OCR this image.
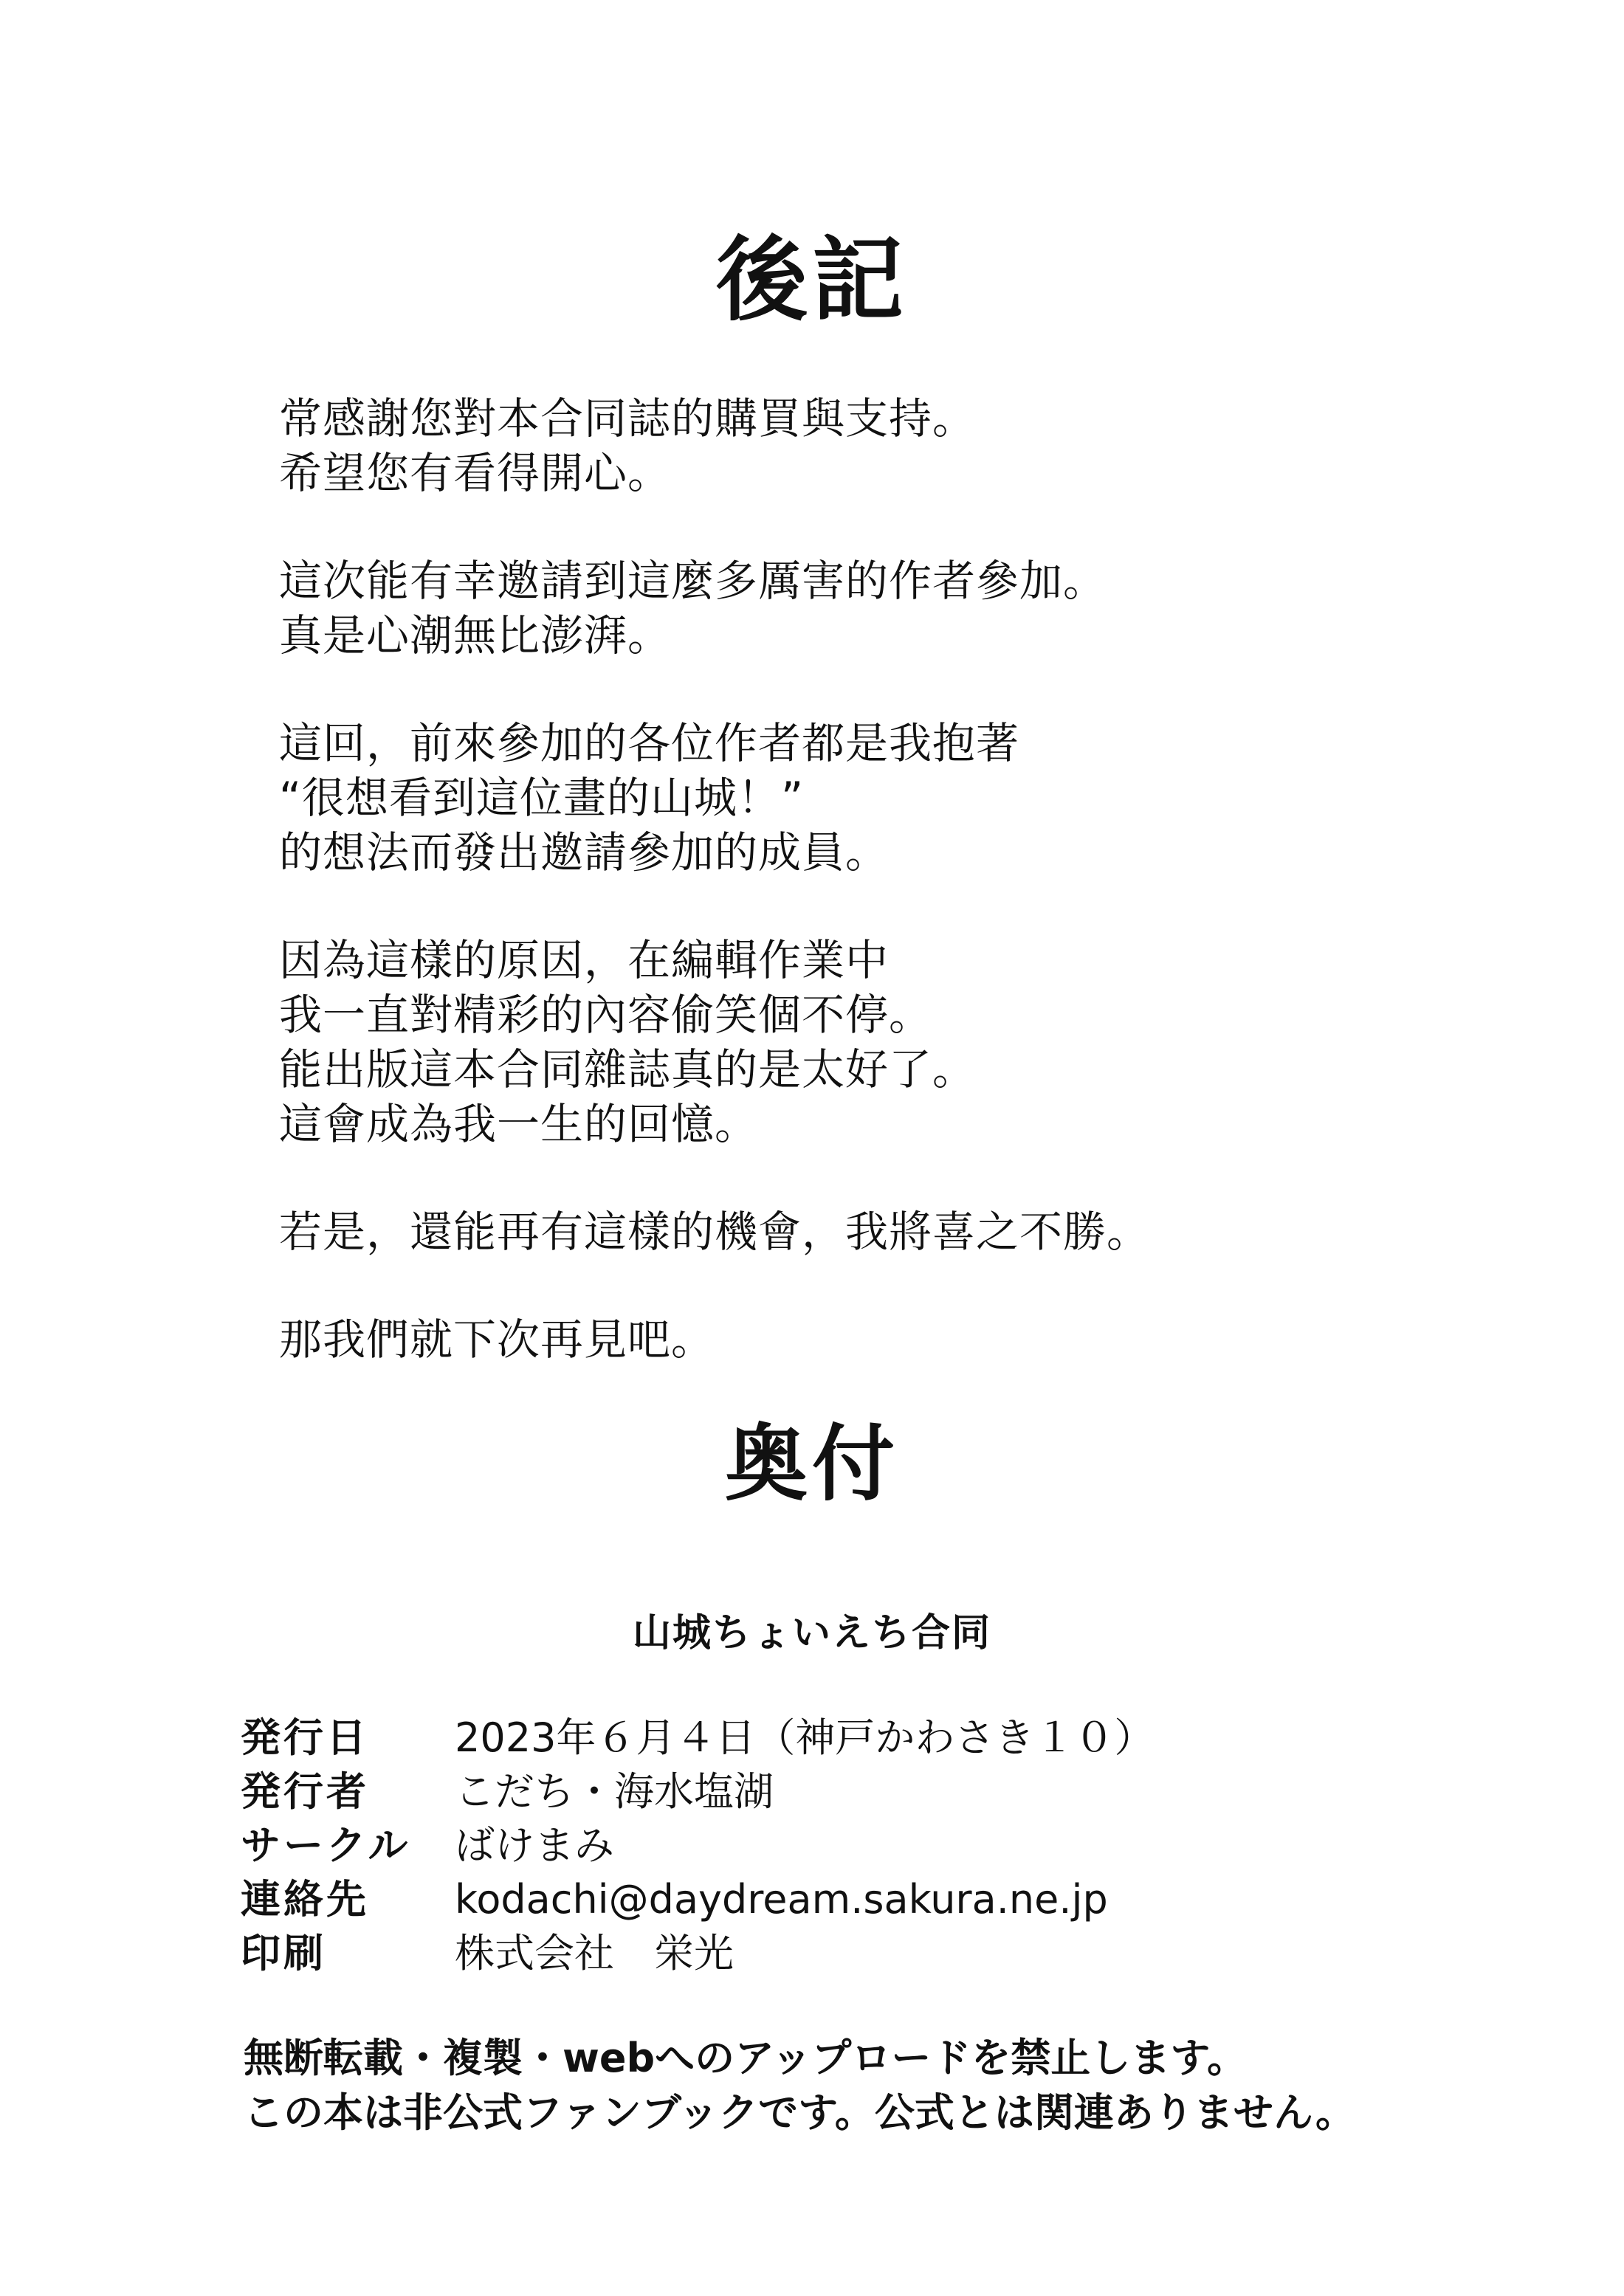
後記
常感謝您對本合同誌的購買與支持。
希望您有看得開心。
這次能有幸邀請到這麼多厲害的作者參加。
真是心潮無比澎湃。
這回，前來參加的各位作者都是我抱著
“很想看到這位畫的山城！”
的想法而發出邀請參加的成員。
因為這樣的原因，在編輯作業中
我一直對精彩的內容偷笑個不停。
能出版這本合同雜誌真的是太好了。
這會成為我一生的回憶。
若是，還能再有這樣的機會，我將喜之不勝。
那我們就下次再見吧。
奥付
山城ちょいえち合同
発行日	2023年６月４日（神戸かわさき１０）
発行者	こだち・海水塩湖
サークル	ばけまみ
連絡先	kodachi@daydream.sakura.ne.jp
印刷	株式会社　栄光
無断転載・複製・webへのアップロードを禁止します。
この本は非公式ファンブックです。公式とは関連ありません。
